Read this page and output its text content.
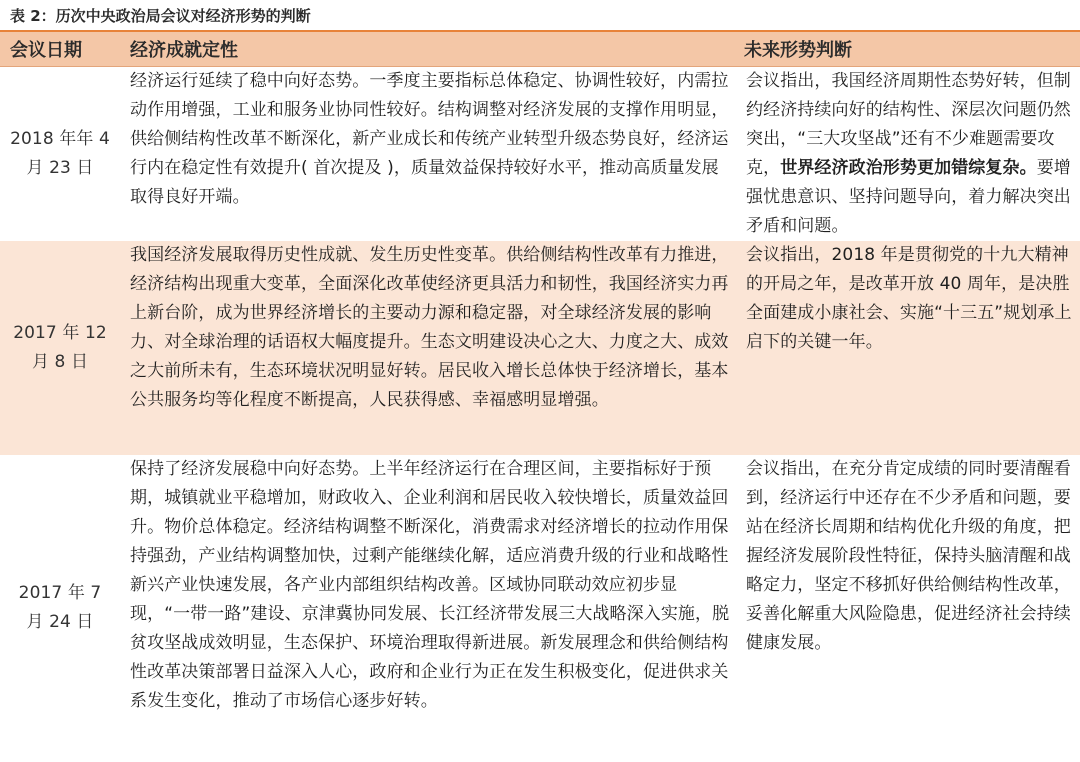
表 2：历次中央政治局会议对经济形势的判断
会议日期	经济成就定性	未来形势判断
2018 年年 4 月 23 日	经济运行延续了稳中向好态势。一季度主要指标总体稳定、协调性较好，内需拉动作用增强，工业和服务业协同性较好。结构调整对经济发展的支撑作用明显，供给侧结构性改革不断深化，新产业成长和传统产业转型升级态势良好，经济运行内在稳定性有效提升( 首次提及 )，质量效益保持较好水平，推动高质量发展取得良好开端。	会议指出，我国经济周期性态势好转，但制约经济持续向好的结构性、深层次问题仍然突出，“三大攻坚战”还有不少难题需要攻克，世界经济政治形势更加错综复杂。要增强忧患意识、坚持问题导向，着力解决突出矛盾和问题。
2017 年 12 月 8 日	我国经济发展取得历史性成就、发生历史性变革。供给侧结构性改革有力推进，经济结构出现重大变革，全面深化改革使经济更具活力和韧性，我国经济实力再上新台阶，成为世界经济增长的主要动力源和稳定器，对全球经济发展的影响力、对全球治理的话语权大幅度提升。生态文明建设决心之大、力度之大、成效之大前所未有，生态环境状况明显好转。居民收入增长总体快于经济增长，基本公共服务均等化程度不断提高，人民获得感、幸福感明显增强。	会议指出，2018 年是贯彻党的十九大精神的开局之年，是改革开放 40 周年，是决胜全面建成小康社会、实施“十三五”规划承上启下的关键一年。
2017 年 7 月 24 日	保持了经济发展稳中向好态势。上半年经济运行在合理区间，主要指标好于预期，城镇就业平稳增加，财政收入、企业利润和居民收入较快增长，质量效益回升。物价总体稳定。经济结构调整不断深化，消费需求对经济增长的拉动作用保持强劲，产业结构调整加快，过剩产能继续化解，适应消费升级的行业和战略性新兴产业快速发展，各产业内部组织结构改善。区域协同联动效应初步显现，“一带一路”建设、京津冀协同发展、长江经济带发展三大战略深入实施，脱贫攻坚战成效明显，生态保护、环境治理取得新进展。新发展理念和供给侧结构性改革决策部署日益深入人心，政府和企业行为正在发生积极变化，促进供求关系发生变化，推动了市场信心逐步好转。	会议指出，在充分肯定成绩的同时要清醒看到，经济运行中还存在不少矛盾和问题，要站在经济长周期和结构优化升级的角度，把握经济发展阶段性特征，保持头脑清醒和战略定力，坚定不移抓好供给侧结构性改革，妥善化解重大风险隐患，促进经济社会持续健康发展。
